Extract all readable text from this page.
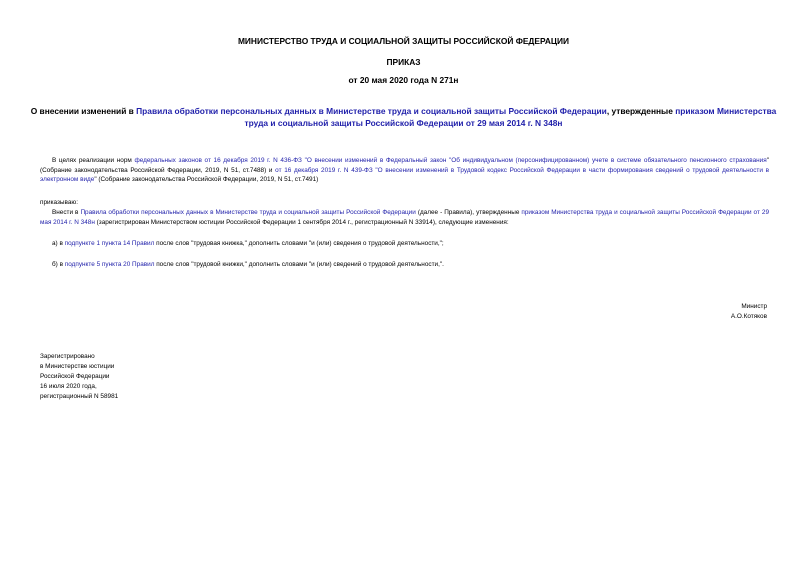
МИНИСТЕРСТВО ТРУДА И СОЦИАЛЬНОЙ ЗАЩИТЫ РОССИЙСКОЙ ФЕДЕРАЦИИ
ПРИКАЗ
от 20 мая 2020 года N 271н
О внесении изменений в Правила обработки персональных данных в Министерстве труда и социальной защиты Российской Федерации, утвержденные приказом Министерства труда и социальной защиты Российской Федерации от 29 мая 2014 г. N 348н
В целях реализации норм федеральных законов от 16 декабря 2019 г. N 436-ФЗ "О внесении изменений в Федеральный закон "Об индивидуальном (персонифицированном) учете в системе обязательного пенсионного страхования" (Собрание законодательства Российской Федерации, 2019, N 51, ст.7488) и от 16 декабря 2019 г. N 439-ФЗ "О внесении изменений в Трудовой кодекс Российской Федерации в части формирования сведений о трудовой деятельности в электронном виде" (Собрание законодательства Российской Федерации, 2019, N 51, ст.7491)
приказываю:
Внести в Правила обработки персональных данных в Министерстве труда и социальной защиты Российской Федерации (далее - Правила), утвержденные приказом Министерства труда и социальной защиты Российской Федерации от 29 мая 2014 г. N 348н (зарегистрирован Министерством юстиции Российской Федерации 1 сентября 2014 г., регистрационный N 33914), следующие изменения:
а) в подпункте 1 пункта 14 Правил после слов "трудовая книжка," дополнить словами "и (или) сведения о трудовой деятельности,";
б) в подпункте 5 пункта 20 Правил после слов "трудовой книжки," дополнить словами "и (или) сведений о трудовой деятельности,".
Министр
А.О.Котяков
Зарегистрировано
в Министерстве юстиции
Российской Федерации
16 июля 2020 года,
регистрационный N 58981
